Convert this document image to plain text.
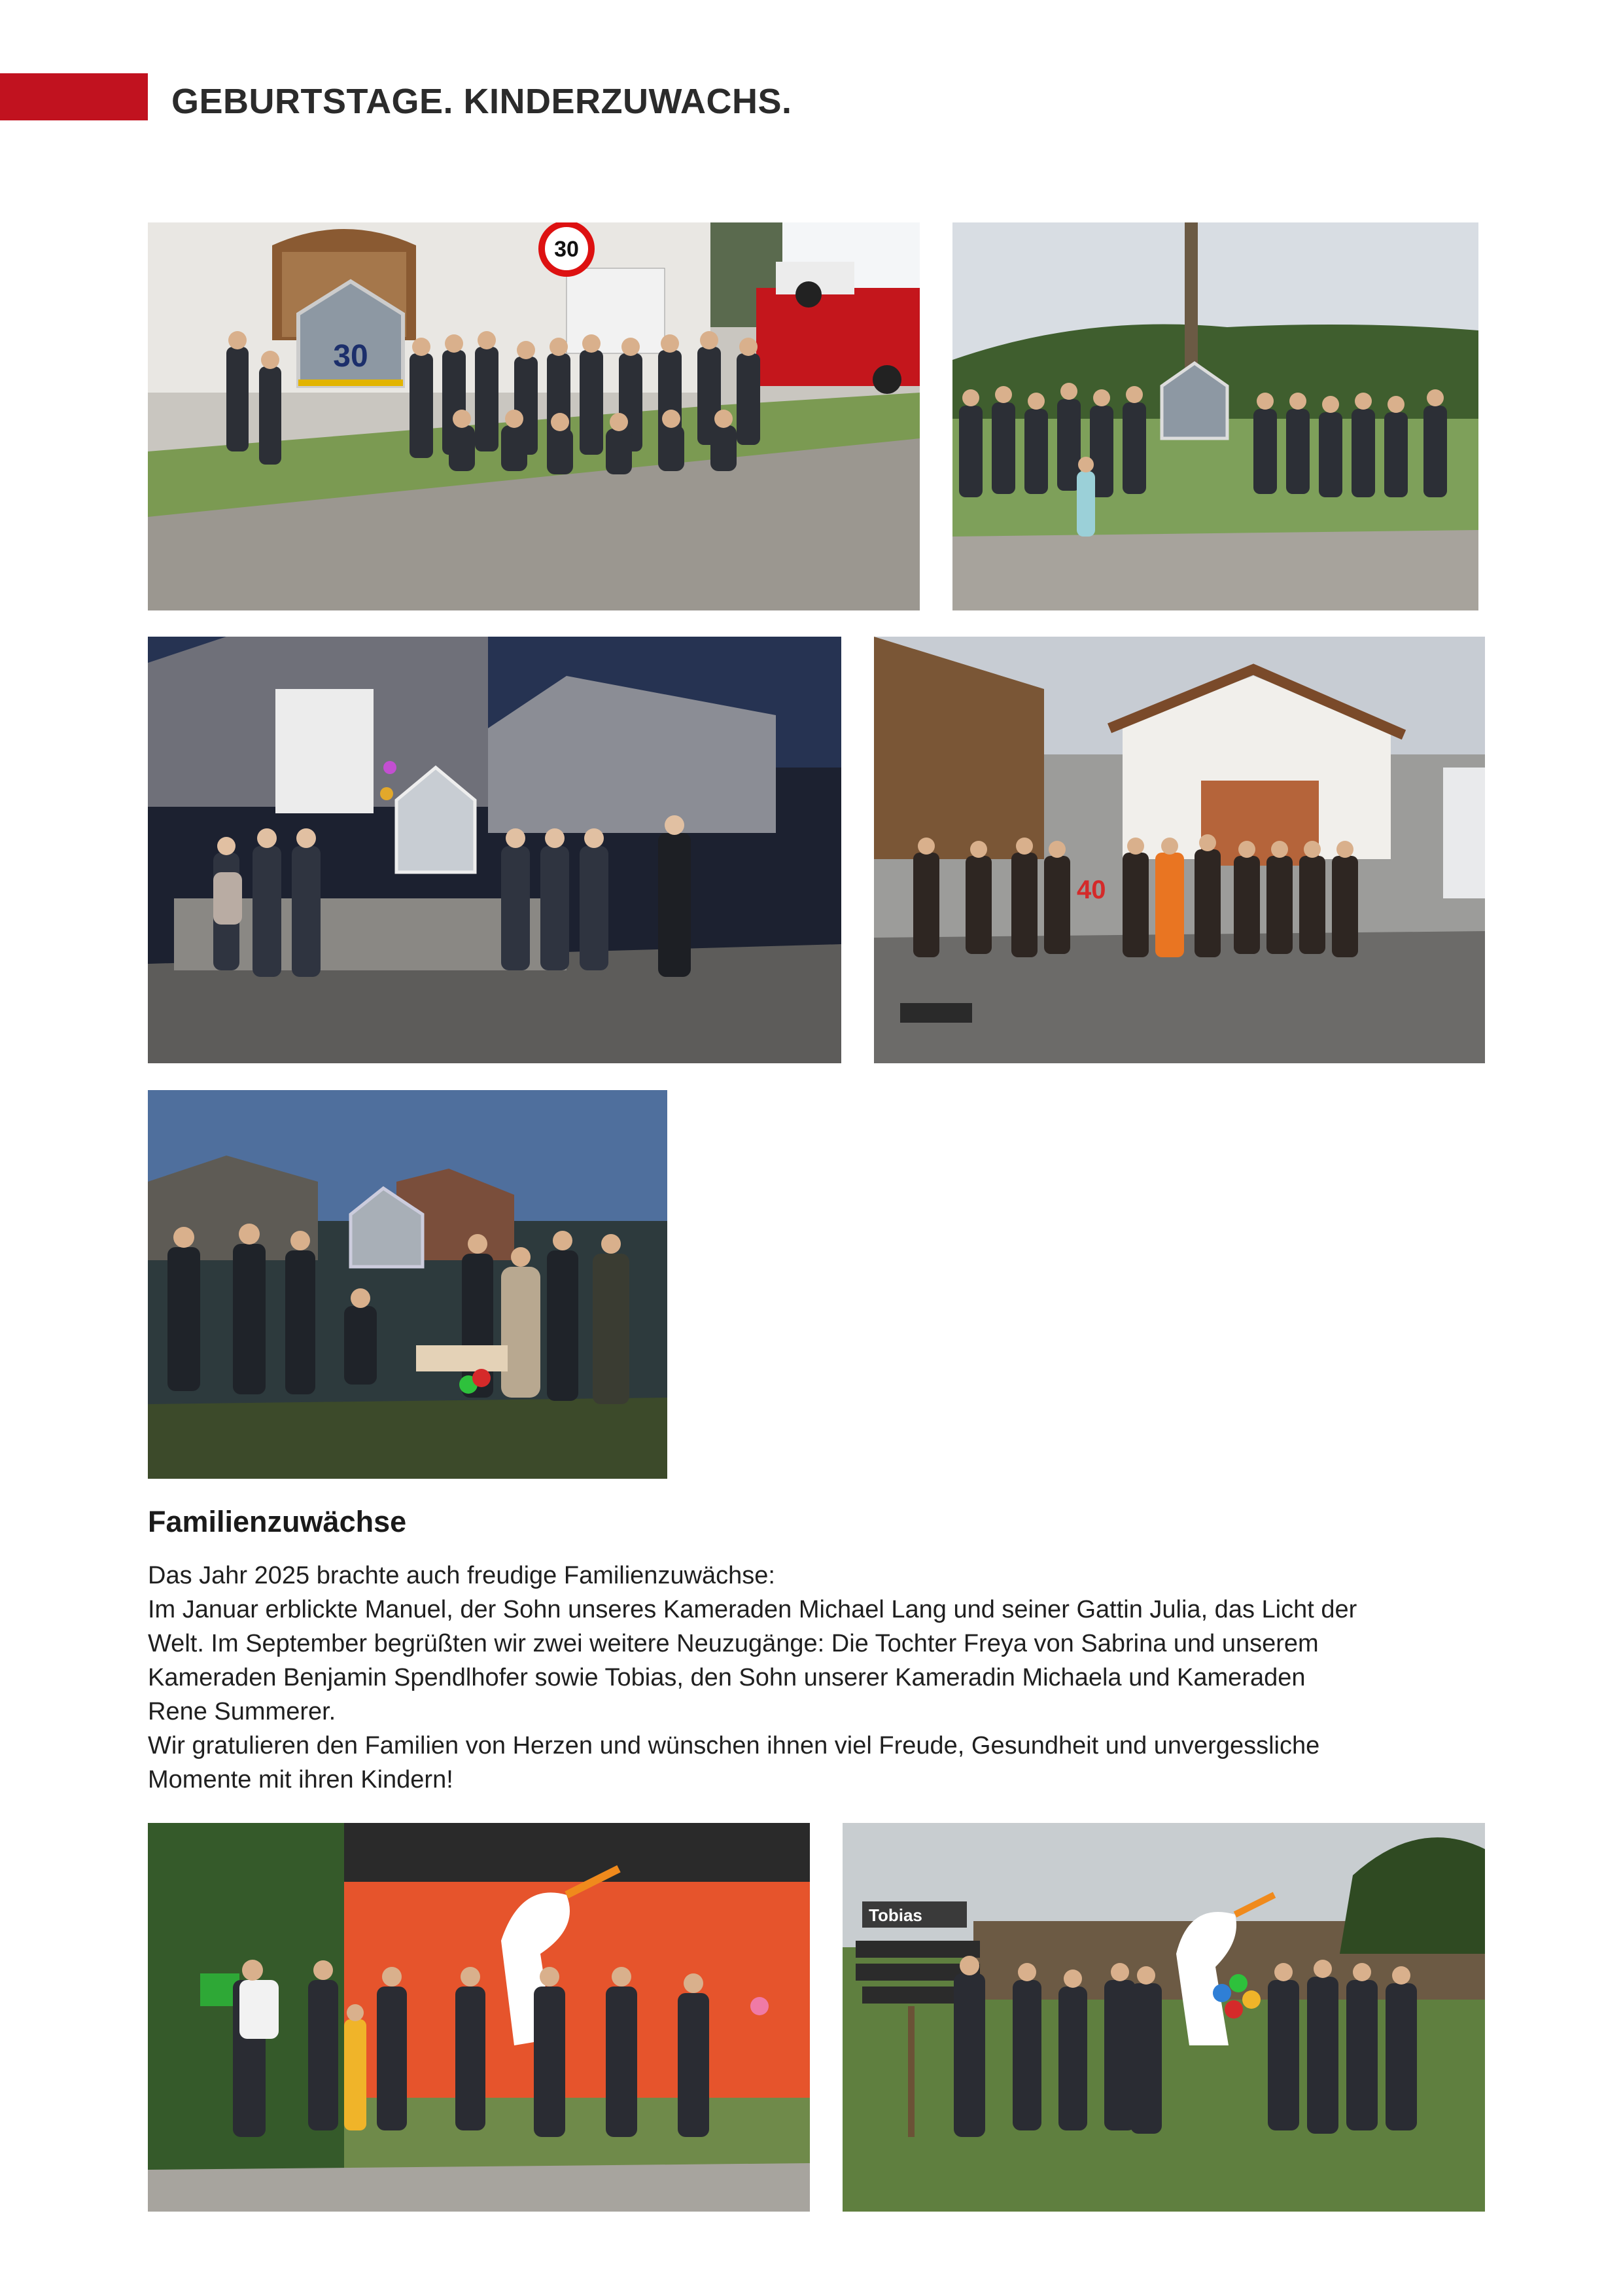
GEBURTSTAGE. KINDERZUWACHS.
30
30
40
Familienzuwächse

Das Jahr 2025 brachte auch freudige Familienzuwächse:
Im Januar erblickte Manuel, der Sohn unseres Kameraden Michael Lang und seiner Gattin Julia, das Licht der
Welt. Im September begrüßten wir zwei weitere Neuzugänge: Die Tochter Freya von Sabrina und unserem
Kameraden Benjamin Spendlhofer sowie Tobias, den Sohn unserer Kameradin Michaela und Kameraden
Rene Summerer.
Wir gratulieren den Familien von Herzen und wünschen ihnen viel Freude, Gesundheit und unvergessliche
Momente mit ihren Kindern!

Tobias
